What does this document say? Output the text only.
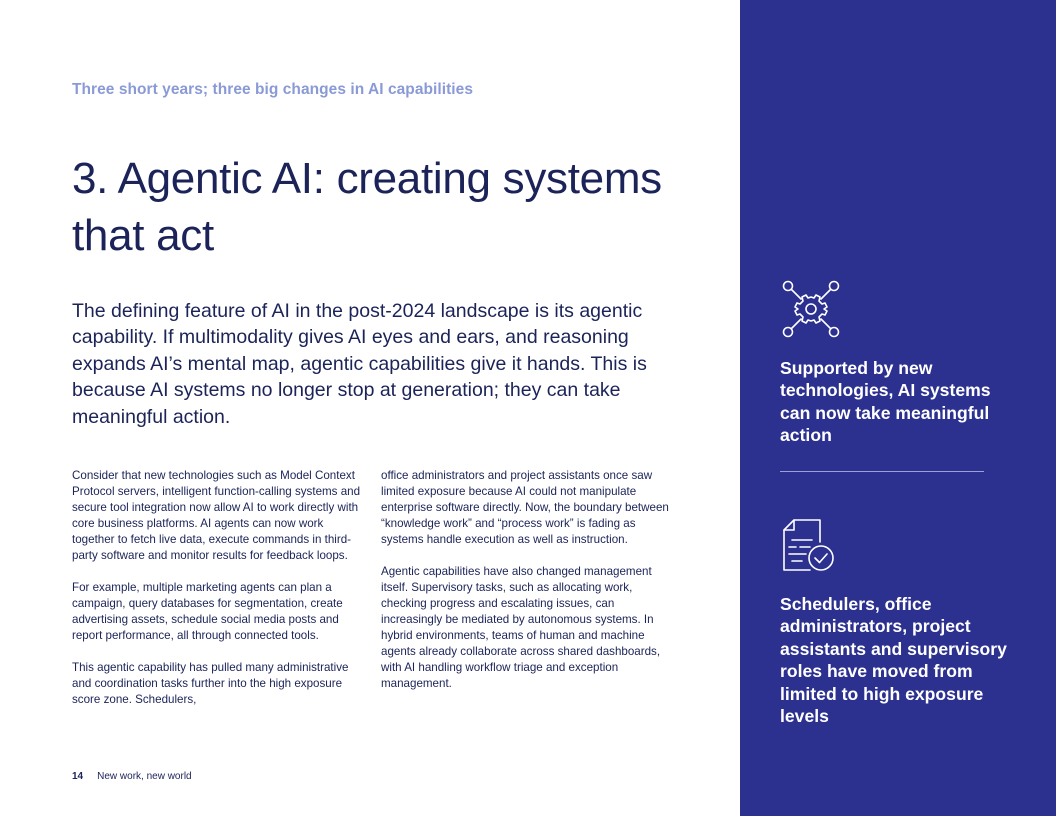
Three short years; three big changes in AI capabilities
3. Agentic AI: creating systems that act

The defining feature of AI in the post-2024 landscape is its agentic capability. If multimodality gives AI eyes and ears, and reasoning expands AI’s mental map, agentic capabilities give it hands. This is because AI systems no longer stop at generation; they can take meaningful action.

Consider that new technologies such as Model Context Protocol servers, intelligent function-calling systems and secure tool integration now allow AI to work directly with core business platforms. AI agents can now work together to fetch live data, execute commands in third-party software and monitor results for feedback loops.

For example, multiple marketing agents can plan a campaign, query databases for segmentation, create advertising assets, schedule social media posts and report performance, all through connected tools.

This agentic capability has pulled many administrative and coordination tasks further into the high exposure score zone. Schedulers,

office administrators and project assistants once saw limited exposure because AI could not manipulate enterprise software directly. Now, the boundary between “knowledge work” and “process work” is fading as systems handle execution as well as instruction.

Agentic capabilities have also changed management itself. Supervisory tasks, such as allocating work, checking progress and escalating issues, can increasingly be mediated by autonomous systems. In hybrid environments, teams of human and machine agents already collaborate across shared dashboards, with AI handling workflow triage and exception management.

14 New work, new world
Supported by new technologies, AI systems can now take meaningful action
Schedulers, office administrators, project assistants and supervisory roles have moved from limited to high exposure levels
